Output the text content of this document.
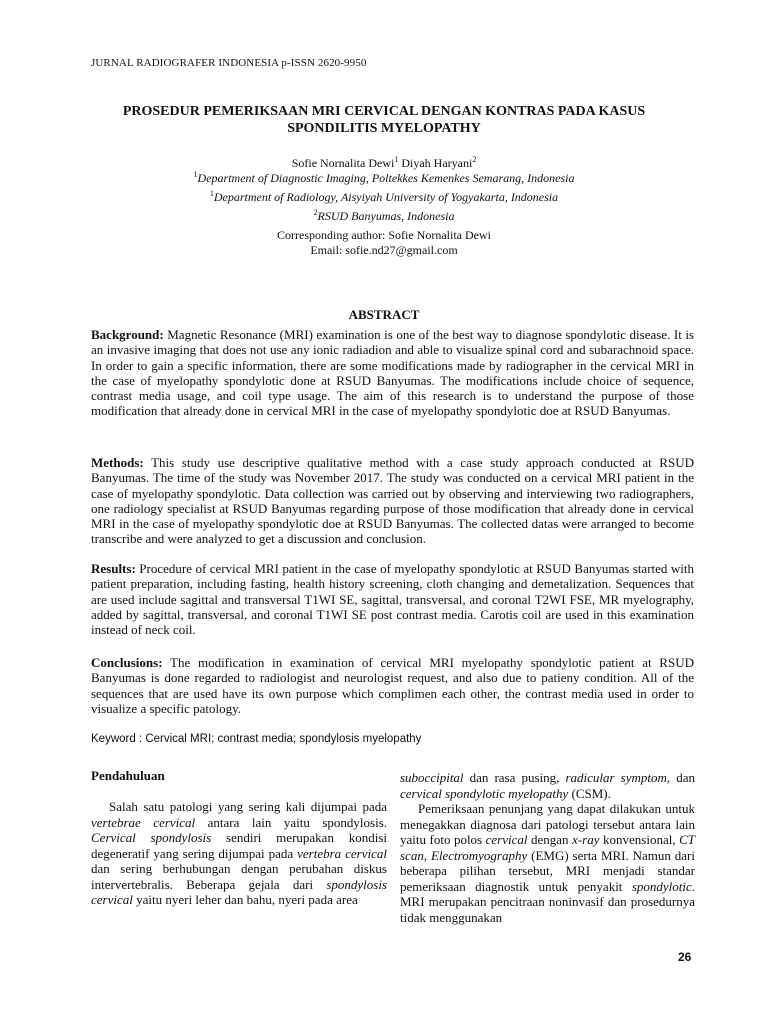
JURNAL RADIOGRAFER INDONESIA p-ISSN 2620-9950
PROSEDUR PEMERIKSAAN MRI CERVICAL DENGAN KONTRAS PADA KASUS
SPONDILITIS MYELOPATHY
Sofie Nornalita Dewi$^1$ Diyah Haryani$^2$
$^1$Department of Diagnostic Imaging, Poltekkes Kemenkes Semarang, Indonesia
$^1$Department of Radiology, Aisyiyah University of Yogyakarta, Indonesia
$^2$RSUD Banyumas, Indonesia
Corresponding author: Sofie Nornalita Dewi
Email: sofie.nd27@gmail.com
ABSTRACT
Background: Magnetic Resonance (MRI) examination is one of the best way to diagnose spondylotic disease. It is an invasive imaging that does not use any ionic radiadion and able to visualize spinal cord and subarachnoid space. In order to gain a specific information, there are some modifications made by radiographer in the cervical MRI in the case of myelopathy spondylotic done at RSUD Banyumas. The modifications include choice of sequence, contrast media usage, and coil type usage. The aim of this research is to understand the purpose of those modification that already done in cervical MRI in the case of myelopathy spondylotic doe at RSUD Banyumas.
Methods: This study use descriptive qualitative method with a case study approach conducted at RSUD Banyumas. The time of the study was November 2017. The study was conducted on a cervical MRI patient in the case of myelopathy spondylotic. Data collection was carried out by observing and interviewing two radiographers, one radiology specialist at RSUD Banyumas regarding purpose of those modification that already done in cervical MRI in the case of myelopathy spondylotic doe at RSUD Banyumas. The collected datas were arranged to become transcribe and were analyzed to get a discussion and conclusion.
Results: Procedure of cervical MRI patient in the case of myelopathy spondylotic at RSUD Banyumas started with patient preparation, including fasting, health history screening, cloth changing and demetalization. Sequences that are used include sagittal and transversal T1WI SE, sagittal, transversal, and coronal T2WI FSE, MR myelography, added by sagittal, transversal, and coronal T1WI SE post contrast media. Carotis coil are used in this examination instead of neck coil.
Conclusions: The modification in examination of cervical MRI myelopathy spondylotic patient at RSUD Banyumas is done regarded to radiologist and neurologist request, and also due to patieny condition. All of the sequences that are used have its own purpose which complimen each other, the contrast media used in order to visualize a specific patology.
Keyword : Cervical MRI; contrast media; spondylosis myelopathy
Pendahuluan
Salah satu patologi yang sering kali dijumpai pada vertebrae cervical antara lain yaitu spondylosis. Cervical spondylosis sendiri merupakan kondisi degeneratif yang sering dijumpai pada vertebra cervical dan sering berhubungan dengan perubahan diskus intervertebralis. Beberapa gejala dari spondylosis cervical yaitu nyeri leher dan bahu, nyeri pada area
suboccipital dan rasa pusing, radicular symptom, dan cervical spondylotic myelopathy (CSM).
Pemeriksaan penunjang yang dapat dilakukan untuk menegakkan diagnosa dari patologi tersebut antara lain yaitu foto polos cervical dengan x-ray konvensional, CT scan, Electromyography (EMG) serta MRI. Namun dari beberapa pilihan tersebut, MRI menjadi standar pemeriksaan diagnostik untuk penyakit spondylotic. MRI merupakan pencitraan noninvasif dan prosedurnya tidak menggunakan
26
